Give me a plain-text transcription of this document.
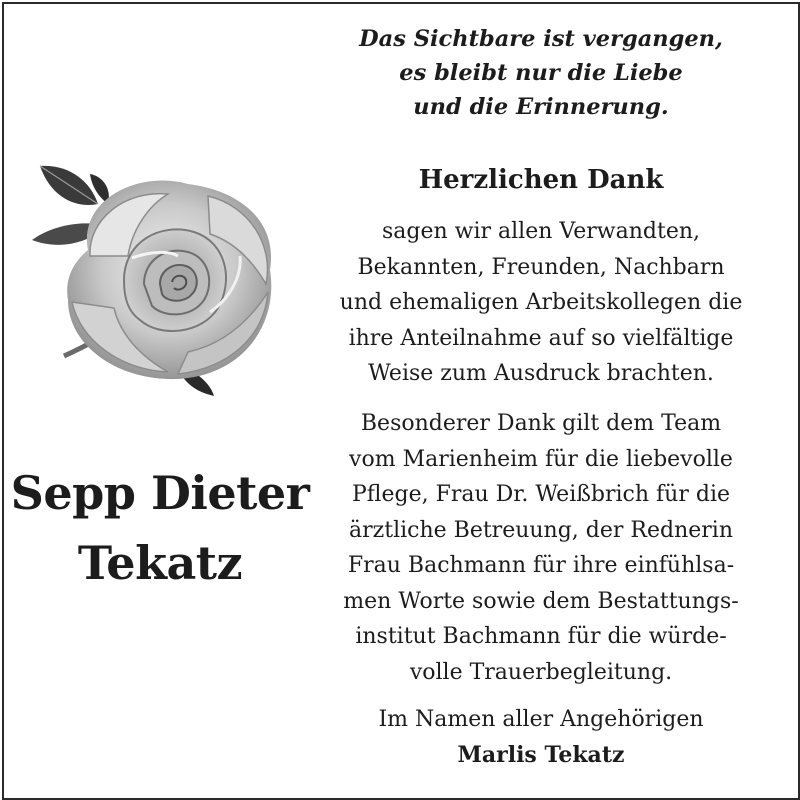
Das Sichtbare ist vergangen,
es bleibt nur die Liebe
und die Erinnerung.
Sepp Dieter
Tekatz
Herzlichen Dank
sagen wir allen Verwandten,
Bekannten, Freunden, Nachbarn
und ehemaligen Arbeitskollegen die
ihre Anteilnahme auf so vielfältige
Weise zum Ausdruck brachten.
Besonderer Dank gilt dem Team
vom Marienheim für die liebevolle
Pflege, Frau Dr. Weißbrich für die
ärztliche Betreuung, der Rednerin
Frau Bachmann für ihre einfühlsa-
men Worte sowie dem Bestattungs-
institut Bachmann für die würde-
volle Trauerbegleitung.
Im Namen aller Angehörigen
Marlis Tekatz
